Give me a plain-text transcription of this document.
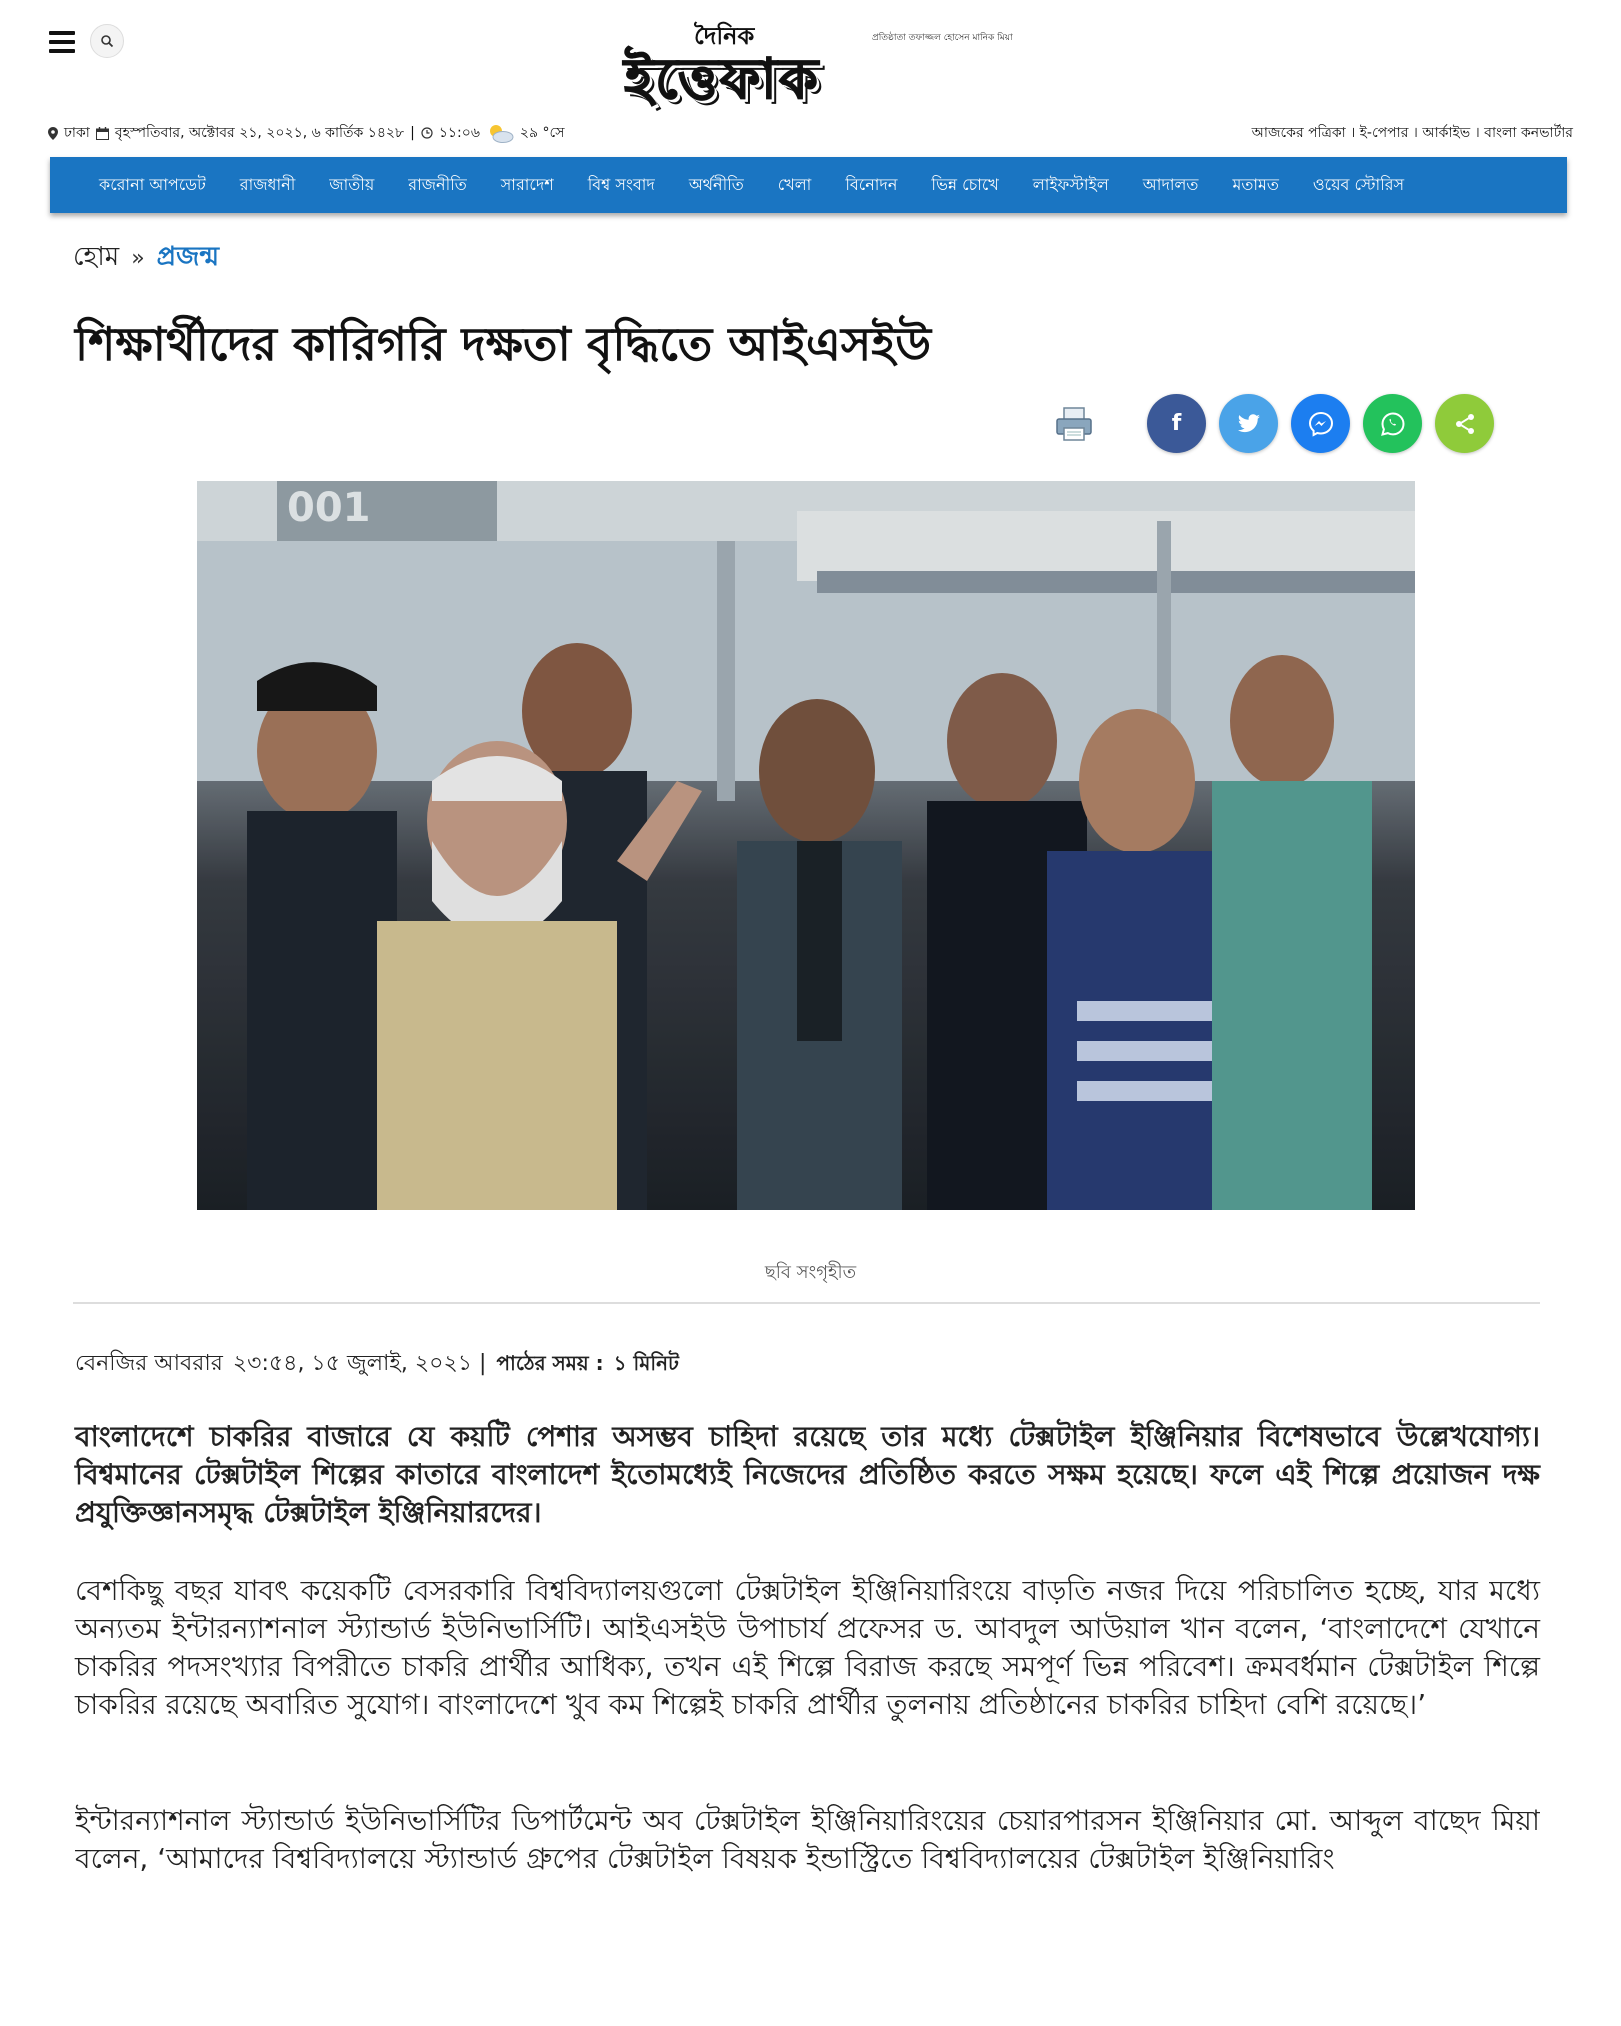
দৈনিক	প্রতিষ্ঠাতা তফাজ্জল হোসেন মানিক মিয়া
ইত্তেফাক
ঢাকা বৃহস্পতিবার, অক্টোবর ২১, ২০২১, ৬ কার্তিক ১৪২৮ | ১১:০৬	২৯ °সে	আজকের পত্রিকা । ই-পেপার । আর্কাইভ । বাংলা কনভার্টার
করোনা আপডেট রাজধানী জাতীয় রাজনীতি সারাদেশ বিশ্ব সংবাদ অর্থনীতি খেলা বিনোদন ভিন্ন চোখে লাইফস্টাইল আদালত মতামত ওয়েব স্টোরিস
হোম » প্রজন্ম
শিক্ষার্থীদের কারিগরি দক্ষতা বৃদ্ধিতে আইএসইউ
f
ছবি সংগৃহীত
বেনজির আবরার ২৩:৫৪, ১৫ জুলাই, ২০২১ | পাঠের সময় : ১ মিনিট

বাংলাদেশে চাকরির বাজারে যে কয়টি পেশার অসম্ভব চাহিদা রয়েছে তার মধ্যে টেক্সটাইল ইঞ্জিনিয়ার বিশেষভাবে উল্লেখযোগ্য। বিশ্বমানের টেক্সটাইল শিল্পের কাতারে বাংলাদেশ ইতোমধ্যেই নিজেদের প্রতিষ্ঠিত করতে সক্ষম হয়েছে। ফলে এই শিল্পে প্রয়োজন দক্ষ প্রযুক্তিজ্ঞানসমৃদ্ধ টেক্সটাইল ইঞ্জিনিয়ারদের।

বেশকিছু বছর যাবৎ কয়েকটি বেসরকারি বিশ্ববিদ্যালয়গুলো টেক্সটাইল ইঞ্জিনিয়ারিংয়ে বাড়তি নজর দিয়ে পরিচালিত হচ্ছে, যার মধ্যে অন্যতম ইন্টারন্যাশনাল স্ট্যান্ডার্ড ইউনিভার্সিটি। আইএসইউ উপাচার্য প্রফেসর ড. আবদুল আউয়াল খান বলেন, ‘বাংলাদেশে যেখানে চাকরির পদসংখ্যার বিপরীতে চাকরি প্রার্থীর আধিক্য, তখন এই শিল্পে বিরাজ করছে সমপূর্ণ ভিন্ন পরিবেশ। ক্রমবর্ধমান টেক্সটাইল শিল্পে চাকরির রয়েছে অবারিত সুযোগ। বাংলাদেশে খুব কম শিল্পেই চাকরি প্রার্থীর তুলনায় প্রতিষ্ঠানের চাকরির চাহিদা বেশি রয়েছে।’

ইন্টারন্যাশনাল স্ট্যান্ডার্ড ইউনিভার্সিটির ডিপার্টমেন্ট অব টেক্সটাইল ইঞ্জিনিয়ারিংয়ের চেয়ারপারসন ইঞ্জিনিয়ার মো. আব্দুল বাছেদ মিয়া বলেন, ‘আমাদের বিশ্ববিদ্যালয়ে স্ট্যান্ডার্ড গ্রুপের টেক্সটাইল বিষয়ক ইন্ডাস্ট্রিতে বিশ্ববিদ্যালয়ের টেক্সটাইল ইঞ্জিনিয়ারিং
